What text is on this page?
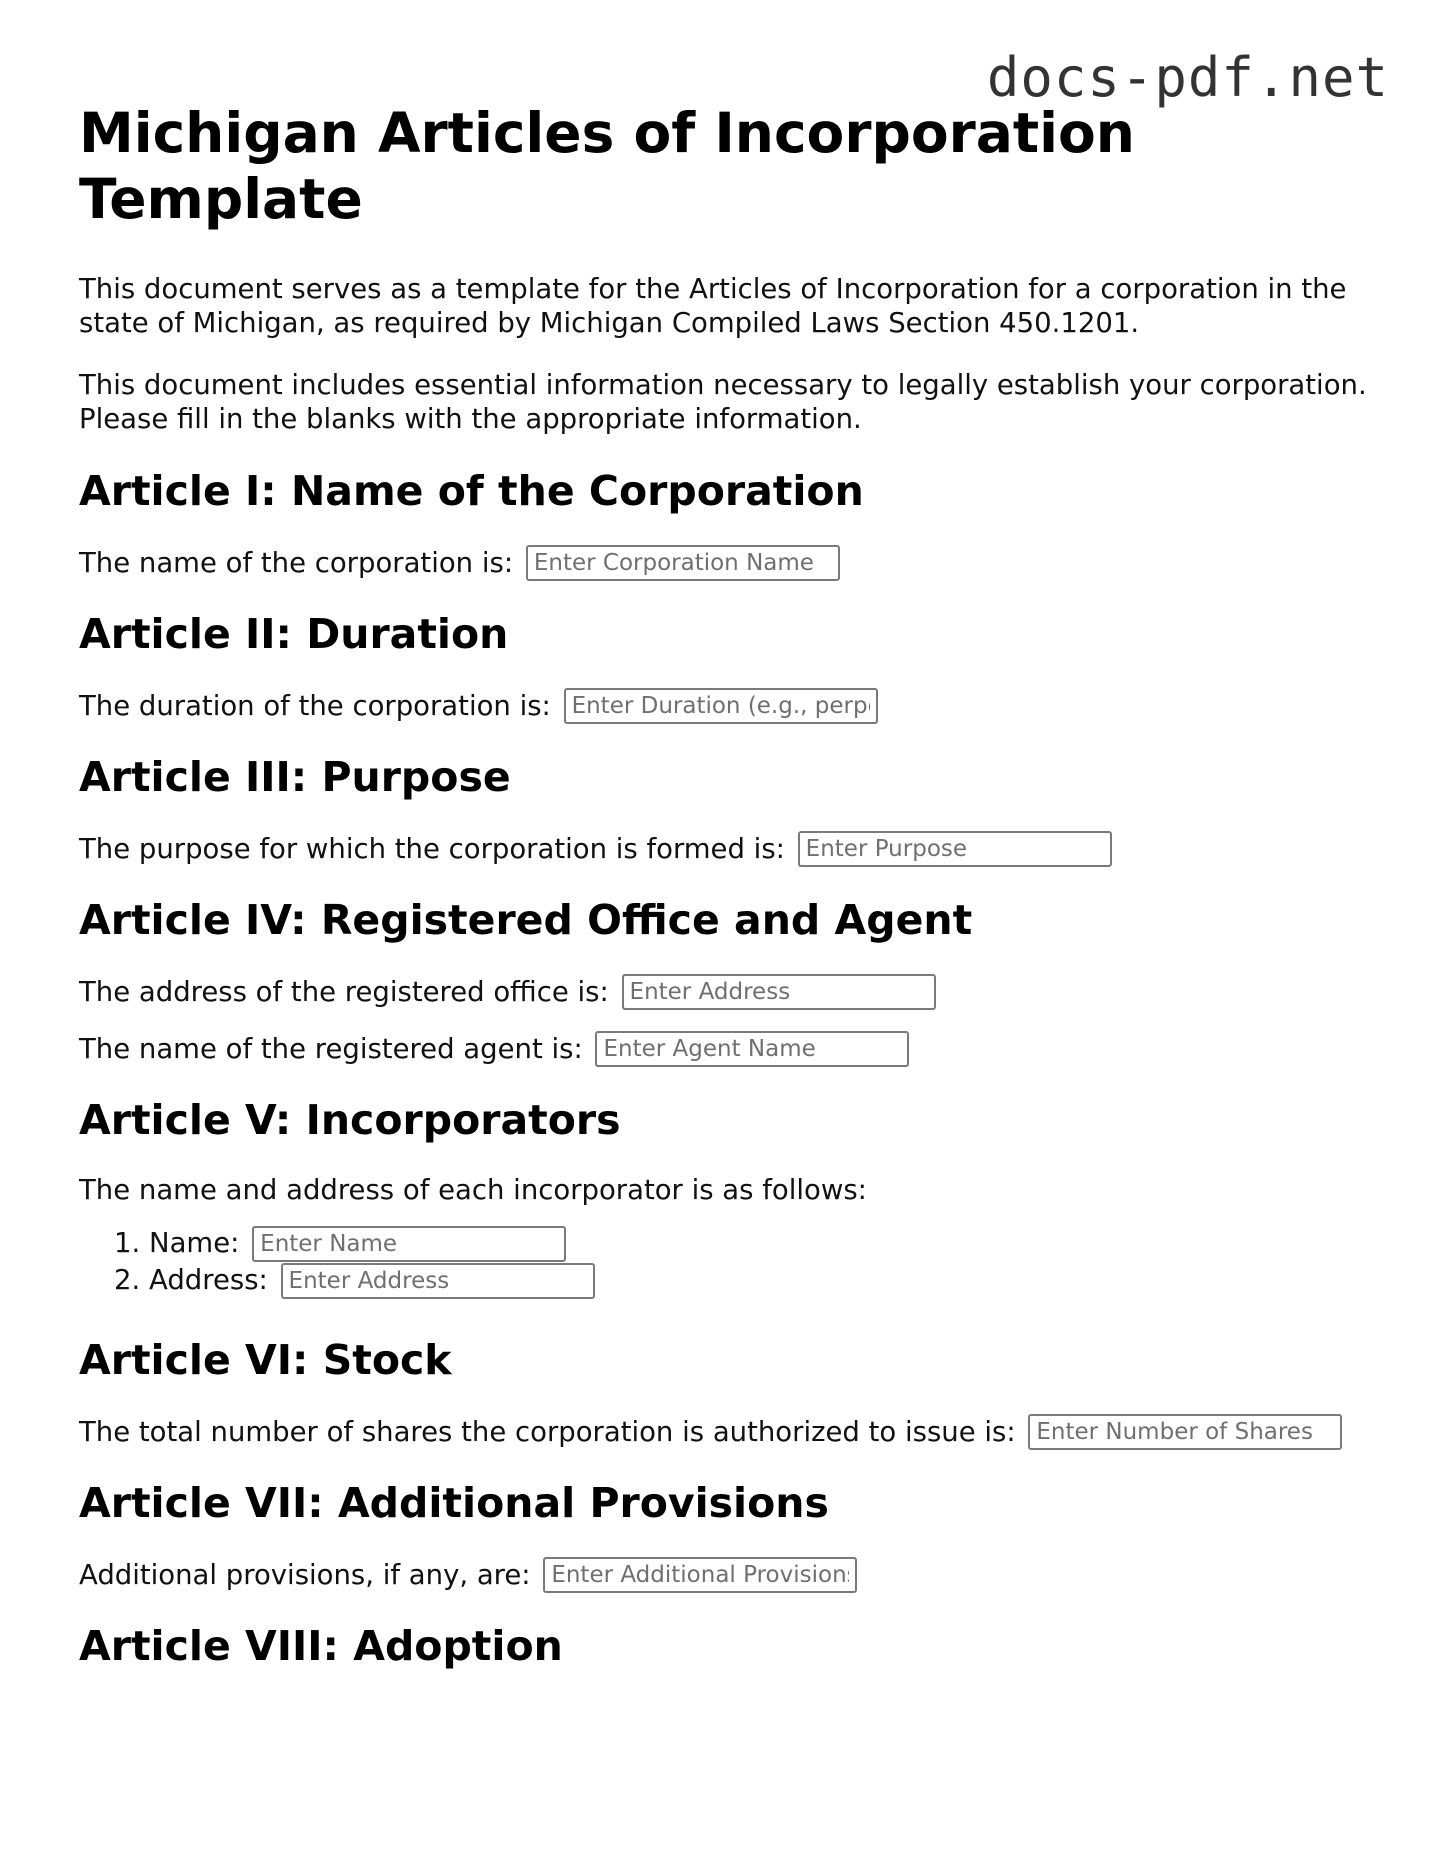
docs-pdf.net
Michigan Articles of Incorporation Template

This document serves as a template for the Articles of Incorporation for a corporation in the state of Michigan, as required by Michigan Compiled Laws Section 450.1201.

This document includes essential information necessary to legally establish your corporation. Please fill in the blanks with the appropriate information.

Article I: Name of the Corporation
The name of the corporation is: Enter Corporation Name
Article II: Duration
The duration of the corporation is: Enter Duration (e.g., perpetual)
Article III: Purpose
The purpose for which the corporation is formed is: Enter Purpose
Article IV: Registered Office and Agent
The address of the registered office is: Enter Address
The name of the registered agent is: Enter Agent Name
Article V: Incorporators

The name and address of each incorporator is as follows:

1. Name: Enter Name
2. Address: Enter Address
Article VI: Stock
The total number of shares the corporation is authorized to issue is: Enter Number of Shares
Article VII: Additional Provisions
Additional provisions, if any, are: Enter Additional Provisions
Article VIII: Adoption
